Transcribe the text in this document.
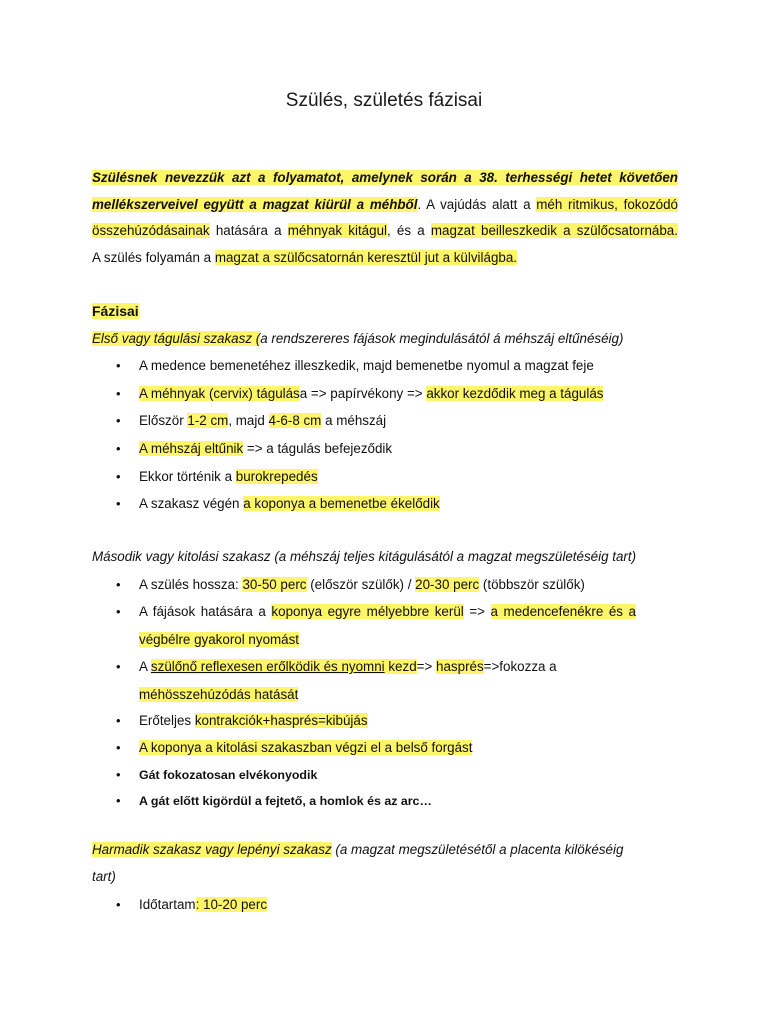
Szülés, születés fázisai
Szülésnek nevezzük azt a folyamatot, amelynek során a 38. terhességi hetet követően
mellékszerveivel együtt a magzat kiürül a méhből. A vajúdás alatt a méh ritmikus, fokozódó
összehúzódásainak hatására a méhnyak kitágul, és a magzat beilleszkedik a szülőcsatornába.
A szülés folyamán a magzat a szülőcsatornán keresztül jut a külvilágba.
Fázisai
Első vagy tágulási szakasz (a rendszereres fájások megindulásától á méhszáj eltűnéséig)
• A medence bemenetéhez illeszkedik, majd bemenetbe nyomul a magzat feje
• A méhnyak (cervix) tágulása => papírvékony => akkor kezdődik meg a tágulás
• Először 1-2 cm, majd 4-6-8 cm a méhszáj
• A méhszáj eltűnik => a tágulás befejeződik
• Ekkor történik a burokrepedés
• A szakasz végén a koponya a bemenetbe ékelődik
Második vagy kitolási szakasz (a méhszáj teljes kitágulásától a magzat megszületéséig tart)
• A szülés hossza: 30-50 perc (először szülők) / 20-30 perc (többször szülők)
• A fájások hatására a koponya egyre mélyebbre kerül => a medencefenékre és a
végbélre gyakorol nyomást
• A szülőnő reflexesen erőlködik és nyomni kezd=> hasprés=>fokozza a
méhösszehúzódás hatását
• Erőteljes kontrakciók+hasprés=kibújás
• A koponya a kitolási szakaszban végzi el a belső forgást
• Gát fokozatosan elvékonyodik
• A gát előtt kigördül a fejtető, a homlok és az arc…
Harmadik szakasz vagy lepényi szakasz (a magzat megszületésétől a placenta kilökéséig
tart)
• Időtartam: 10-20 perc
